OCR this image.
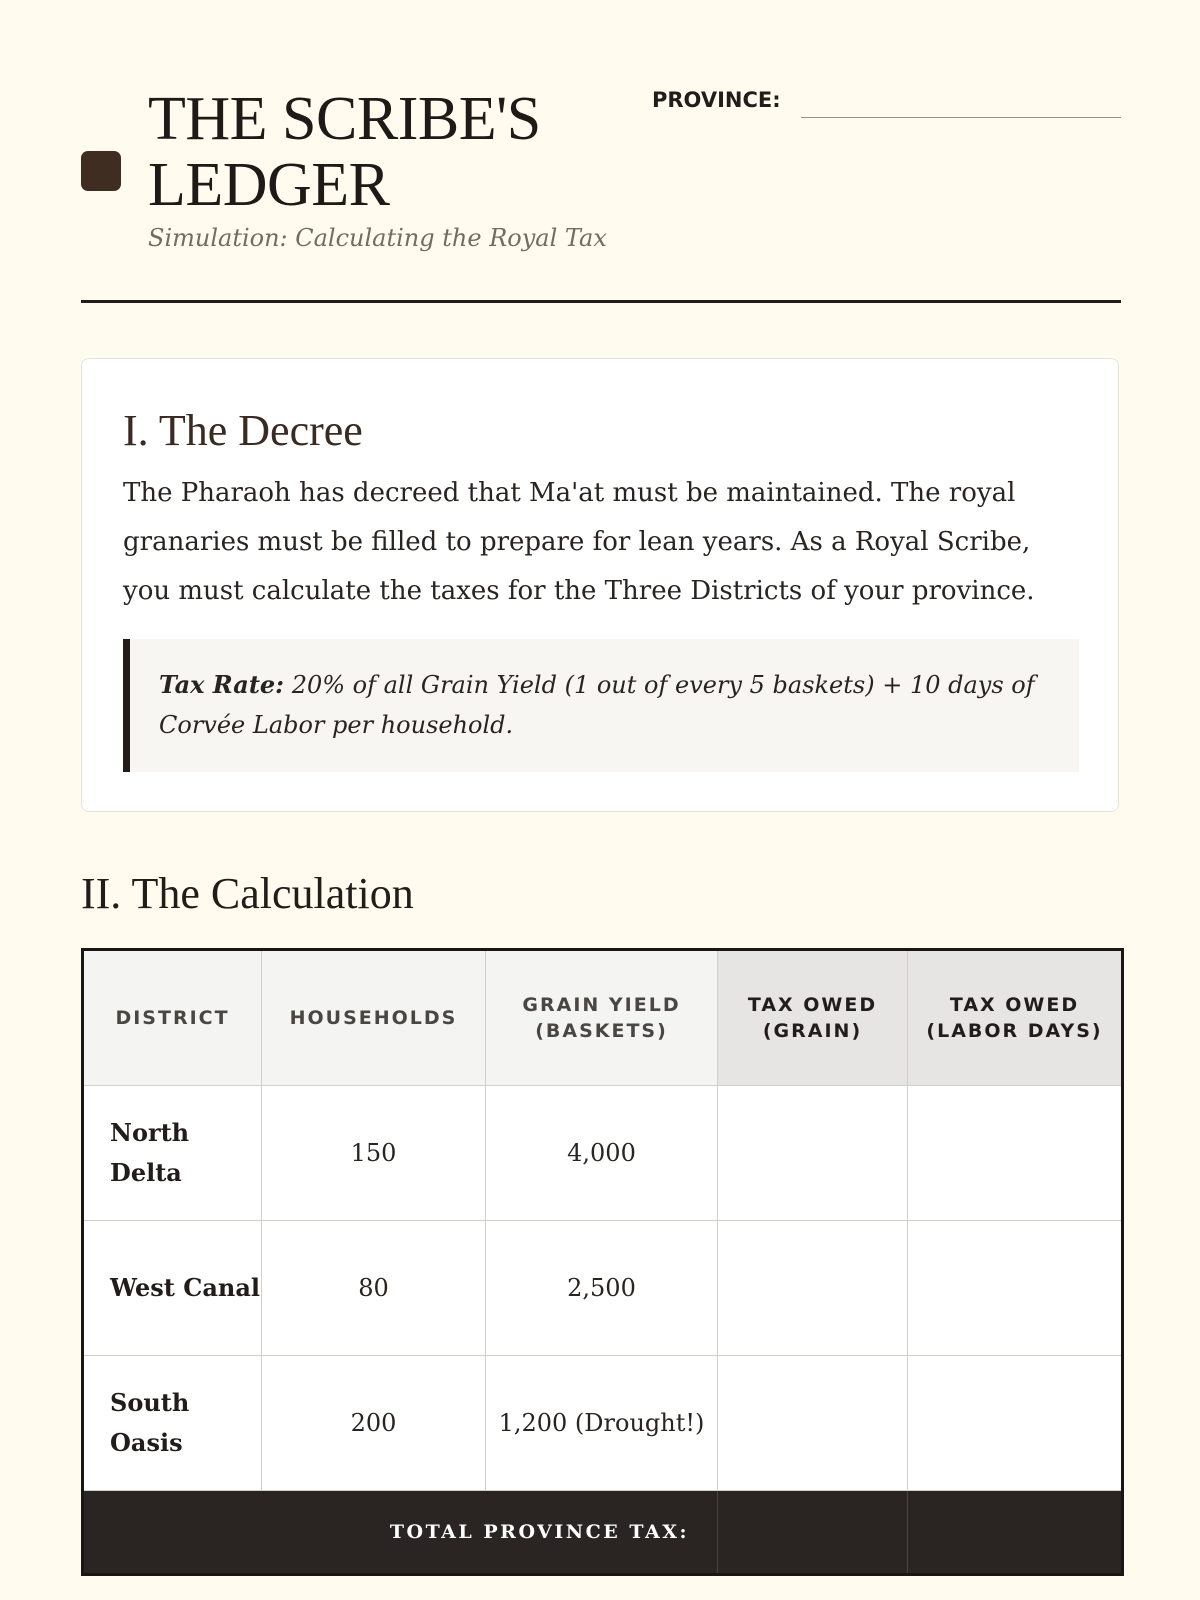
THE SCRIBE'S LEDGER
Simulation: Calculating the Royal Tax
PROVINCE:
I. The Decree

The Pharaoh has decreed that Ma'at must be maintained. The royal granaries must be filled to prepare for lean years. As a Royal Scribe, you must calculate the taxes for the Three Districts of your province.

Tax Rate: 20% of all Grain Yield (1 out of every 5 baskets) + 10 days of Corvée Labor per household.
II. The Calculation
DISTRICT	HOUSEHOLDS	GRAIN YIELD (BASKETS)	TAX OWED (GRAIN)	TAX OWED (LABOR DAYS)
North Delta	150	4,000		
West Canal	80	2,500		
South Oasis	200	1,200 (Drought!)		
TOTAL PROVINCE TAX:				
